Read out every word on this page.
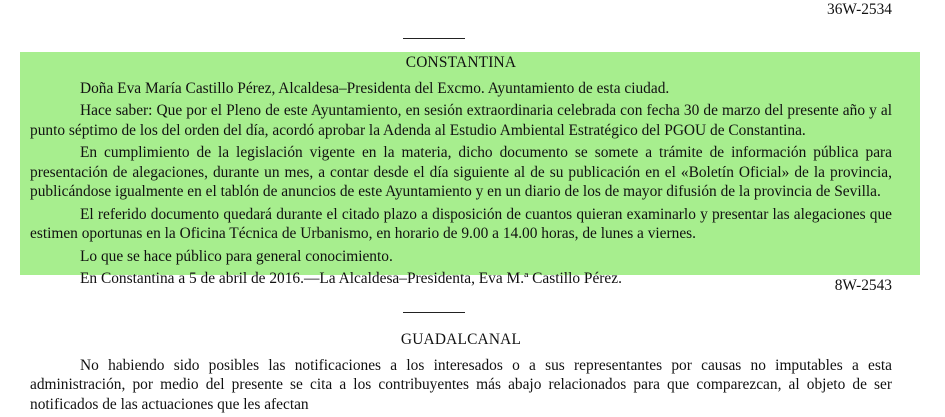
36W-2534
CONSTANTINA

Doña Eva María Castillo Pérez, Alcaldesa–Presidenta del Excmo. Ayuntamiento de esta ciudad.

Hace saber: Que por el Pleno de este Ayuntamiento, en sesión extraordinaria celebrada con fecha 30 de marzo del presente año y al punto séptimo de los del orden del día, acordó aprobar la Adenda al Estudio Ambiental Estratégico del PGOU de Constantina.

En cumplimiento de la legislación vigente en la materia, dicho documento se somete a trámite de información pública para presentación de alegaciones, durante un mes, a contar desde el día siguiente al de su publicación en el «Boletín Oficial» de la provincia, publicándose igualmente en el tablón de anuncios de este Ayuntamiento y en un diario de los de mayor difusión de la provincia de Sevilla.

El referido documento quedará durante el citado plazo a disposición de cuantos quieran examinarlo y presentar las alegaciones que estimen oportunas en la Oficina Técnica de Urbanismo, en horario de 9.00 a 14.00 horas, de lunes a viernes.

Lo que se hace público para general conocimiento.

En Constantina a 5 de abril de 2016.—La Alcaldesa–Presidenta, Eva M.ª Castillo Pérez.	8W-2543
GUADALCANAL

No habiendo sido posibles las notificaciones a los interesados o a sus representantes por causas no imputables a esta administración, por medio del presente se cita a los contribuyentes más abajo relacionados para que comparezcan, al objeto de ser notificados de las actuaciones que les afectan
